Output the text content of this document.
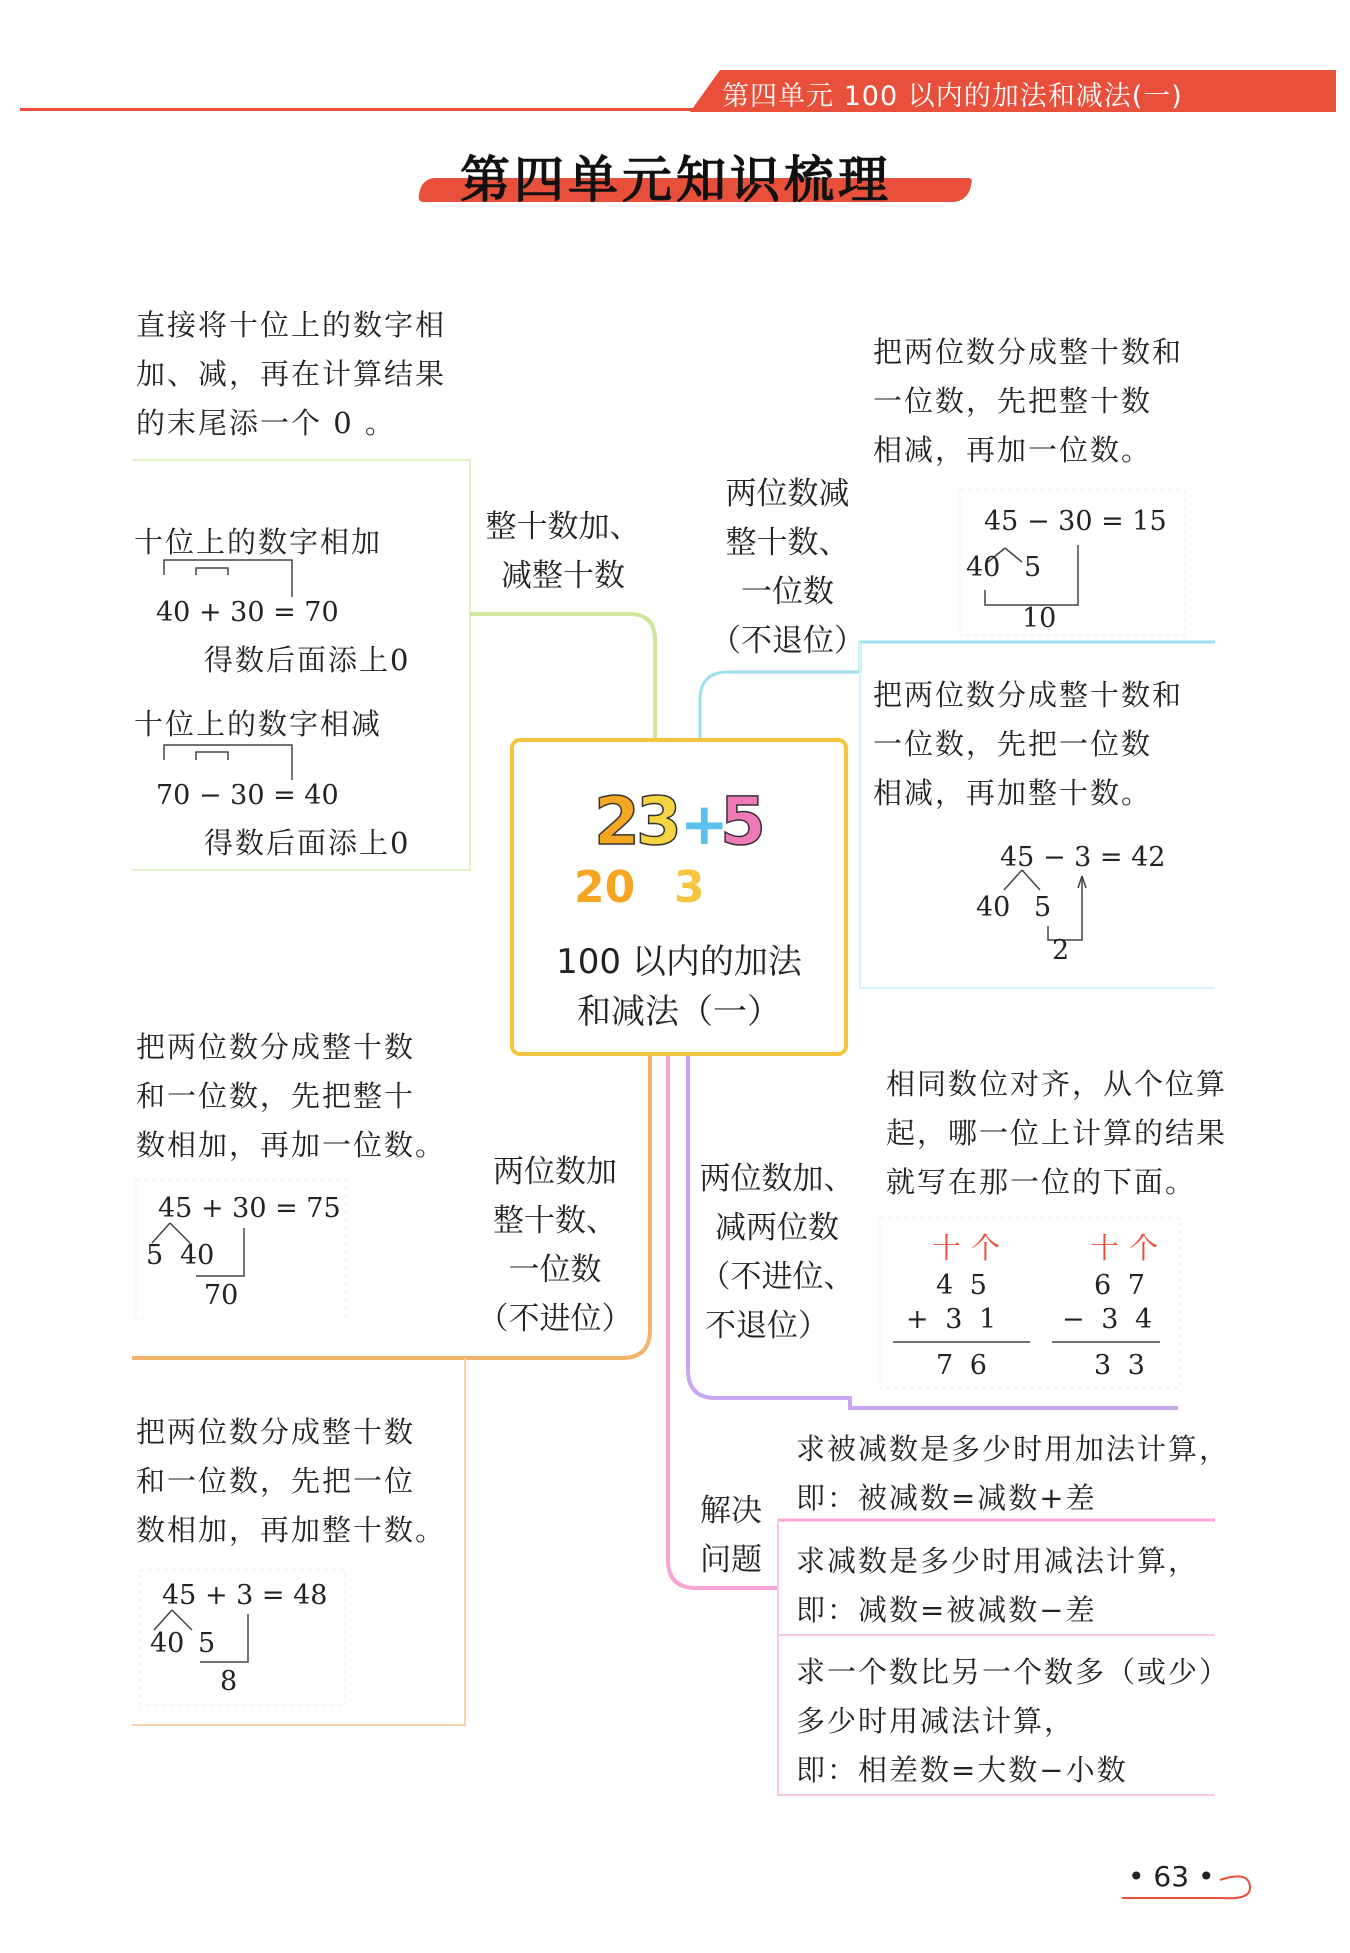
第四单元 100 以内的加法和减法(一)
第四单元知识梳理
直接将十位上的数字相
加、减，再在计算结果
的末尾添一个 0 。
整十数加、
减整十数
十位上的数字相加
40 + 30 = 70
得数后面添上0
十位上的数字相减
70 − 30 = 40
得数后面添上0
两位数减
整十数、
一位数
（不退位）
把两位数分成整十数和
一位数，先把整十数
相减，再加一位数。
45 − 30 = 15
40 5
10
把两位数分成整十数和
一位数，先把一位数
相减，再加整十数。
45 − 3 = 42
40 5
2
2
3
+
5
20 3
100 以内的加法
和减法（一）
把两位数分成整十数
和一位数，先把整十
数相加，再加一位数。
45 + 30 = 75
5 40
70
两位数加
整十数、
一位数
（不进位）
把两位数分成整十数
和一位数，先把一位
数相加，再加整十数。
45 + 3 = 48
40 5
8
两位数加、
减两位数
（不进位、
不退位）
相同数位对齐，从个位算
起，哪一位上计算的结果
就写在那一位的下面。
十个	十个
4 5
+ 3 1
7 6
6 7
− 3 4
3 3
解决
问题
求被减数是多少时用加法计算，
即：被减数=减数+差
求减数是多少时用减法计算，
即：减数=被减数−差
求一个数比另一个数多（或少）
多少时用减法计算，
即：相差数=大数−小数
• 63 •
